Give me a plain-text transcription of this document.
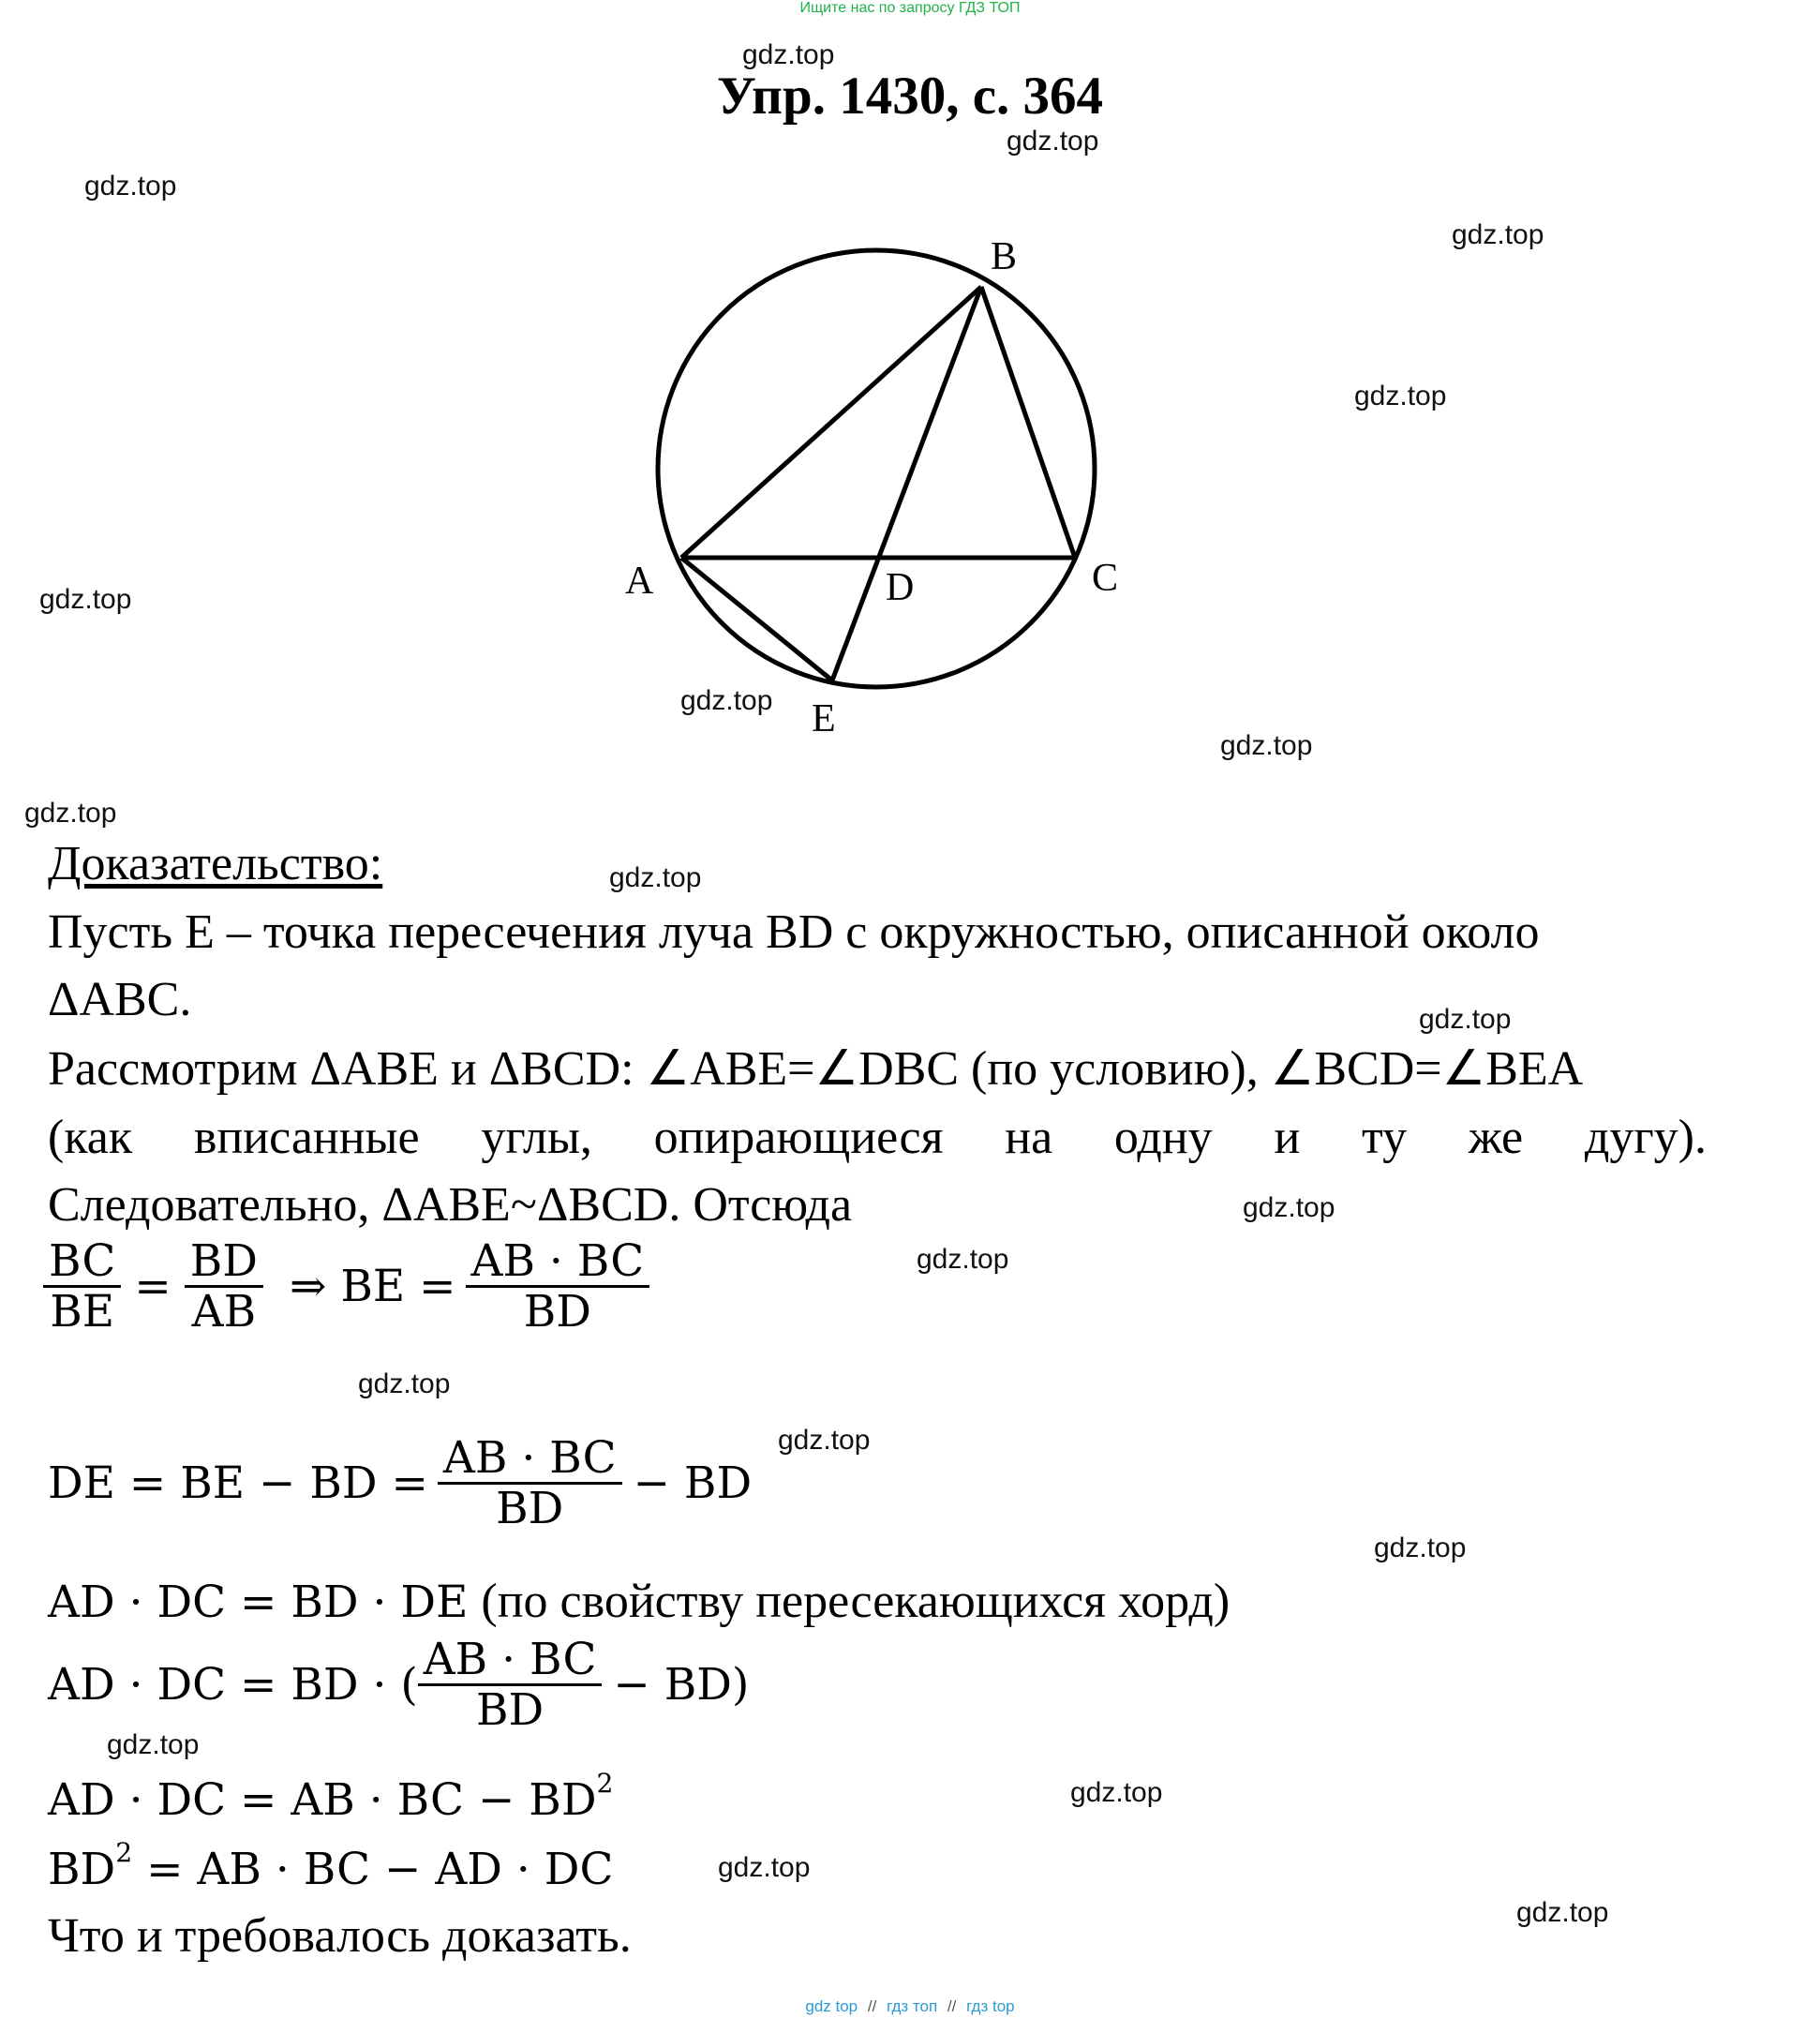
Ищите нас по запросу ГДЗ ТОП
Упр. 1430, с. 364
B
A	C
D
E
gdz.top
gdz.top
gdz.top
gdz.top
gdz.top
gdz.top
gdz.top
gdz.top
gdz.top
gdz.top
gdz.top
gdz.top
gdz.top
gdz.top
gdz.top
gdz.top
gdz.top
gdz.top
gdz.top
gdz.top
Доказательство:
Пусть E – точка пересечения луча BD с окружностью, описанной около
ΔABC.
Рассмотрим ΔABE и ΔBCD: ∠ABE=∠DBC (по условию), ∠BCD=∠BEA
(как вписанные углы, опирающиеся на одну и ту же дугу).
Следовательно, ΔABE~ΔBCD. Отсюда
$\frac{BC}{BE} = \frac{BD}{AB}$ ⇒ BE = $\frac{AB \cdot BC}{BD}$
DE = BE − BD = $\frac{AB \cdot BC}{BD}$ − BD
AD · DC = BD · DE (по свойству пересекающихся хорд)
AD · DC = BD · ( $\frac{AB \cdot BC}{BD} - BD$)
AD · DC = AB · BC − $BD^2$
$BD^2$ = AB · BC − AD · DC
Что и требовалось доказать.
gdz top // гдз топ // гдз top
